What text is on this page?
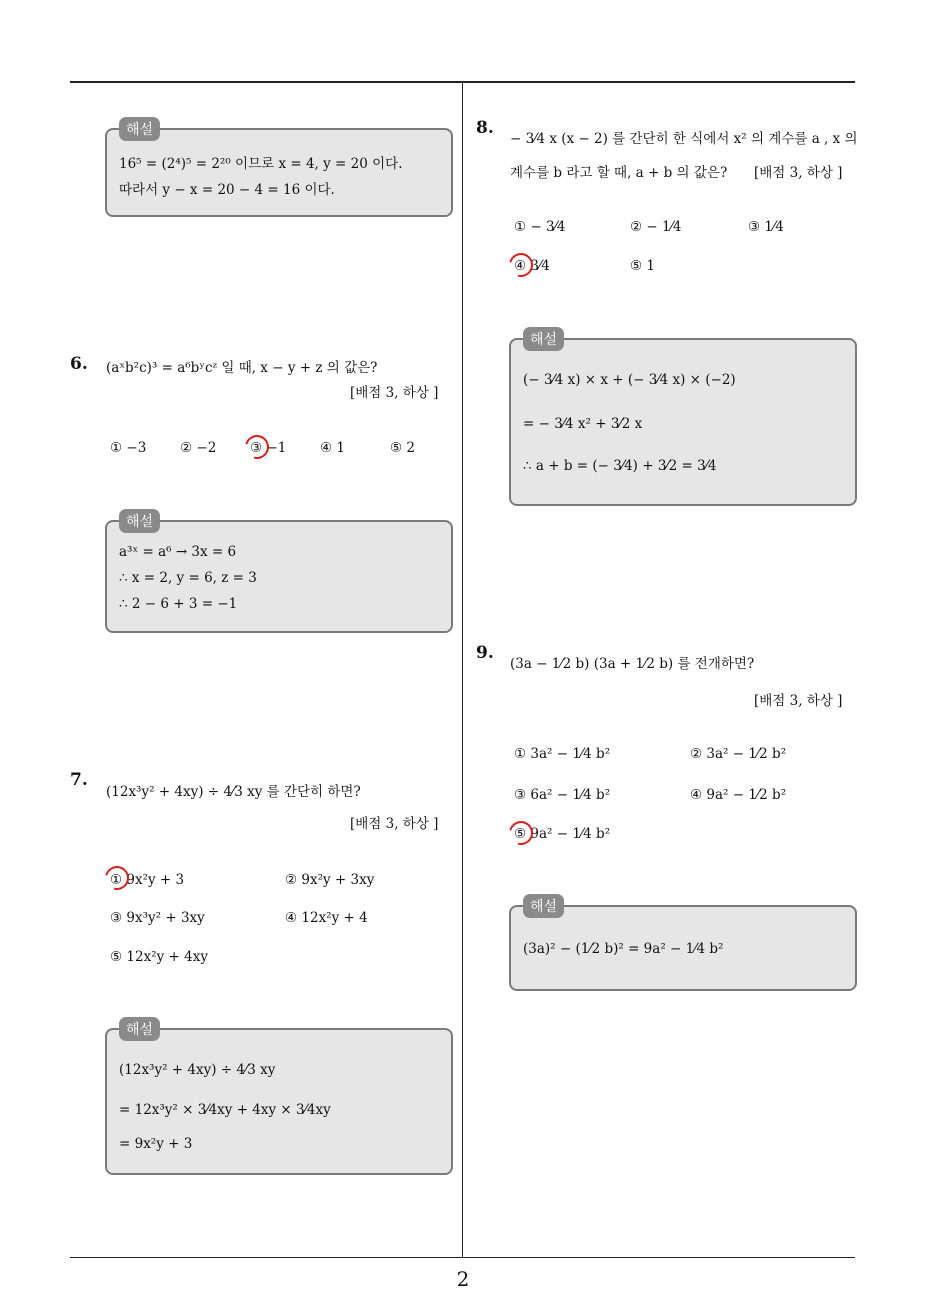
해설
16⁵ = (2⁴)⁵ = 2²⁰ 이므로 x = 4, y = 20 이다.
따라서 y − x = 20 − 4 = 16 이다.
6. (aˣb²c)³ = a⁶bʸcᶻ 일 때, x − y + z 의 값은?
[배점 3, 하상 ]
① −3 ② −2 ③ −1 ④ 1	⑤ 2
해설
a³ˣ = a⁶ → 3x = 6
∴ x = 2, y = 6, z = 3
∴ 2 − 6 + 3 = −1
7.
(12x³y² + 4xy) ÷ 4⁄3 xy 를 간단히 하면?
[배점 3, 하상 ]
① 9x²y + 3	② 9x²y + 3xy
③ 9x³y² + 3xy	④ 12x²y + 4
⑤ 12x²y + 4xy
해설
(12x³y² + 4xy) ÷ 4⁄3 xy
= 12x³y² × 3⁄4xy + 4xy × 3⁄4xy
= 9x²y + 3
8.
− 3⁄4 x (x − 2) 를 간단히 한 식에서 x² 의 계수를 a , x 의
계수를 b 라고 할 때, a + b 의 값은? [배점 3, 하상 ]
① − 3⁄4	② − 1⁄4	③ 1⁄4
④ 3⁄4	⑤ 1
해설
(− 3⁄4 x) × x + (− 3⁄4 x) × (−2)
= − 3⁄4 x² + 3⁄2 x
∴ a + b = (− 3⁄4) + 3⁄2 = 3⁄4
9.
(3a − 1⁄2 b) (3a + 1⁄2 b) 를 전개하면?
[배점 3, 하상 ]
① 3a² − 1⁄4 b²	② 3a² − 1⁄2 b²
③ 6a² − 1⁄4 b²	④ 9a² − 1⁄2 b²
⑤ 9a² − 1⁄4 b²
해설
(3a)² − (1⁄2 b)² = 9a² − 1⁄4 b²
2
